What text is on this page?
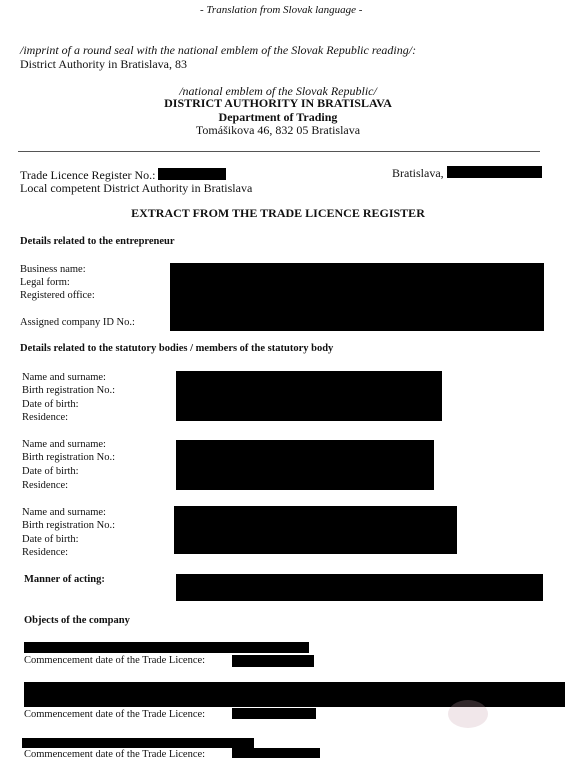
- Translation from Slovak language -
/imprint of a round seal with the national emblem of the Slovak Republic reading/:
District Authority in Bratislava, 83
/national emblem of the Slovak Republic/
DISTRICT AUTHORITY IN BRATISLAVA
Department of Trading
Tomášikova 46, 832 05 Bratislava
Trade Licence Register No.:
Local competent District Authority in Bratislava
Bratislava,
EXTRACT FROM THE TRADE LICENCE REGISTER
Details related to the entrepreneur
Business name:
Legal form:
Registered office:
Assigned company ID No.:
Details related to the statutory bodies / members of the statutory body
Name and surname:
Birth registration No.:
Date of birth:
Residence:
Name and surname:
Birth registration No.:
Date of birth:
Residence:
Name and surname:
Birth registration No.:
Date of birth:
Residence:
Manner of acting:
Objects of the company
Commencement date of the Trade Licence:
Commencement date of the Trade Licence:
Commencement date of the Trade Licence:
